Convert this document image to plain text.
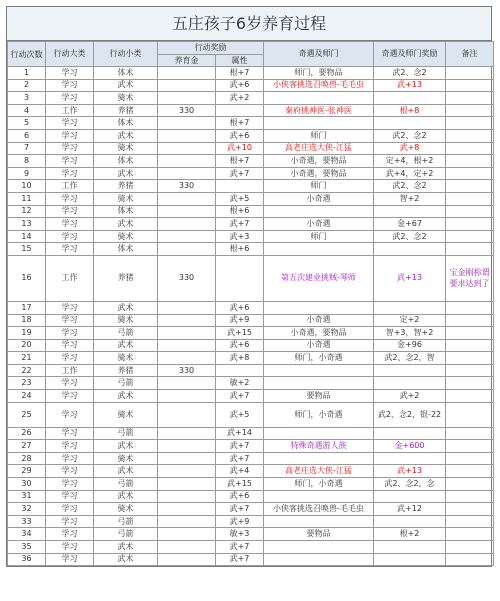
五庄孩子6岁养育过程
行动次数	行动大类	行动小类	行动奖励		奇遇及师门	奇遇及师门奖励	备注
			养育金	属性			
1	学习	体术		根+7	师门，要物品	武2、念2	
2	学习	武术		武+6	小侠客挑选召唤兽-毛毛虫	武+13	
3	学习	骑术		武+2			
4	工作	养猪	330		秦府挑神医-张神医	根+8	
5	学习	体术		根+7			
6	学习	武术		武+6	师门	武2、念2	
7	学习	骑术		武+10	高老庄选大侠-江猛	武+8	
8	学习	体术		根+7	小奇遇，要物品	定+4，根+2	
9	学习	武术		武+7	小奇遇，要物品	武+4，定+2	
10	工作	养猪	330		师门	武2、念2	
11	学习	骑术		武+5	小奇遇	智+2	
12	学习	体术		根+6			
13	学习	武术		武+7	小奇遇	金+67	
14	学习	骑术		武+3	师门	武2、念2	
15	学习	体术		根+6			
16	工作	养猪	330		第五次建业挑贼-琴师	武+13	宝金刚称谓要求达到了
17	学习	武术		武+6			
18	学习	骑术		武+9	小奇遇	定+2	
19	学习	弓箭		武+15	小奇遇，要物品	智+3，智+2	
20	学习	武术		武+6	小奇遇	金+96	
21	学习	骑术		武+8	师门，小奇遇	武2、念2，智	
22	工作	养猪	330				
23	学习	弓箭		敏+2			
24	学习	武术		武+7	要物品	武+2	
25	学习	骑术		武+5	师门，小奇遇	武2、念2，银-22	
26	学习	弓箭		武+14			
27	学习	武术		武+7	特殊奇遇游人族	金+600	
28	学习	骑术		武+7			
29	学习	武术		武+4	高老庄选大侠-江猛	武+13	
30	学习	弓箭		武+15	师门，小奇遇	武2、念2，念	
31	学习	武术		武+6			
32	学习	骑术		武+7	小侠客挑选召唤兽-毛毛虫	武+12	
33	学习	弓箭		武+9			
34	学习	弓箭		敏+3	要物品	根+2	
35	学习	武术		武+7			
36	学习	武术		武+7			
